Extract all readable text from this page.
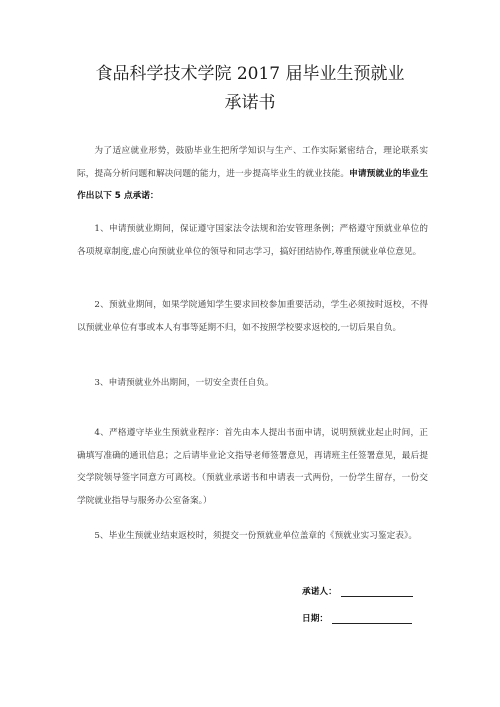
食品科学技术学院 2017 届毕业生预就业
承诺书

为了适应就业形势，鼓励毕业生把所学知识与生产、工作实际紧密结合，理论联系实际，提高分析问题和解决问题的能力，进一步提高毕业生的就业技能。申请预就业的毕业生作出以下 5 点承诺：

1、申请预就业期间，保证遵守国家法令法规和治安管理条例；严格遵守预就业单位的各项规章制度,虚心向预就业单位的领导和同志学习，搞好团结协作,尊重预就业单位意见。

2、预就业期间，如果学院通知学生要求回校参加重要活动，学生必须按时返校，不得以预就业单位有事或本人有事等延期不归，如不按照学校要求返校的,一切后果自负。

3、申请预就业外出期间，一切安全责任自负。

4、严格遵守毕业生预就业程序：首先由本人提出书面申请，说明预就业起止时间，正确填写准确的通讯信息；之后请毕业论文指导老师签署意见，再请班主任签署意见，最后提交学院领导签字同意方可离校。（预就业承诺书和申请表一式两份，一份学生留存，一份交学院就业指导与服务办公室备案。）

5、毕业生预就业结束返校时，须提交一份预就业单位盖章的《预就业实习鉴定表》。

承诺人：
日期：
